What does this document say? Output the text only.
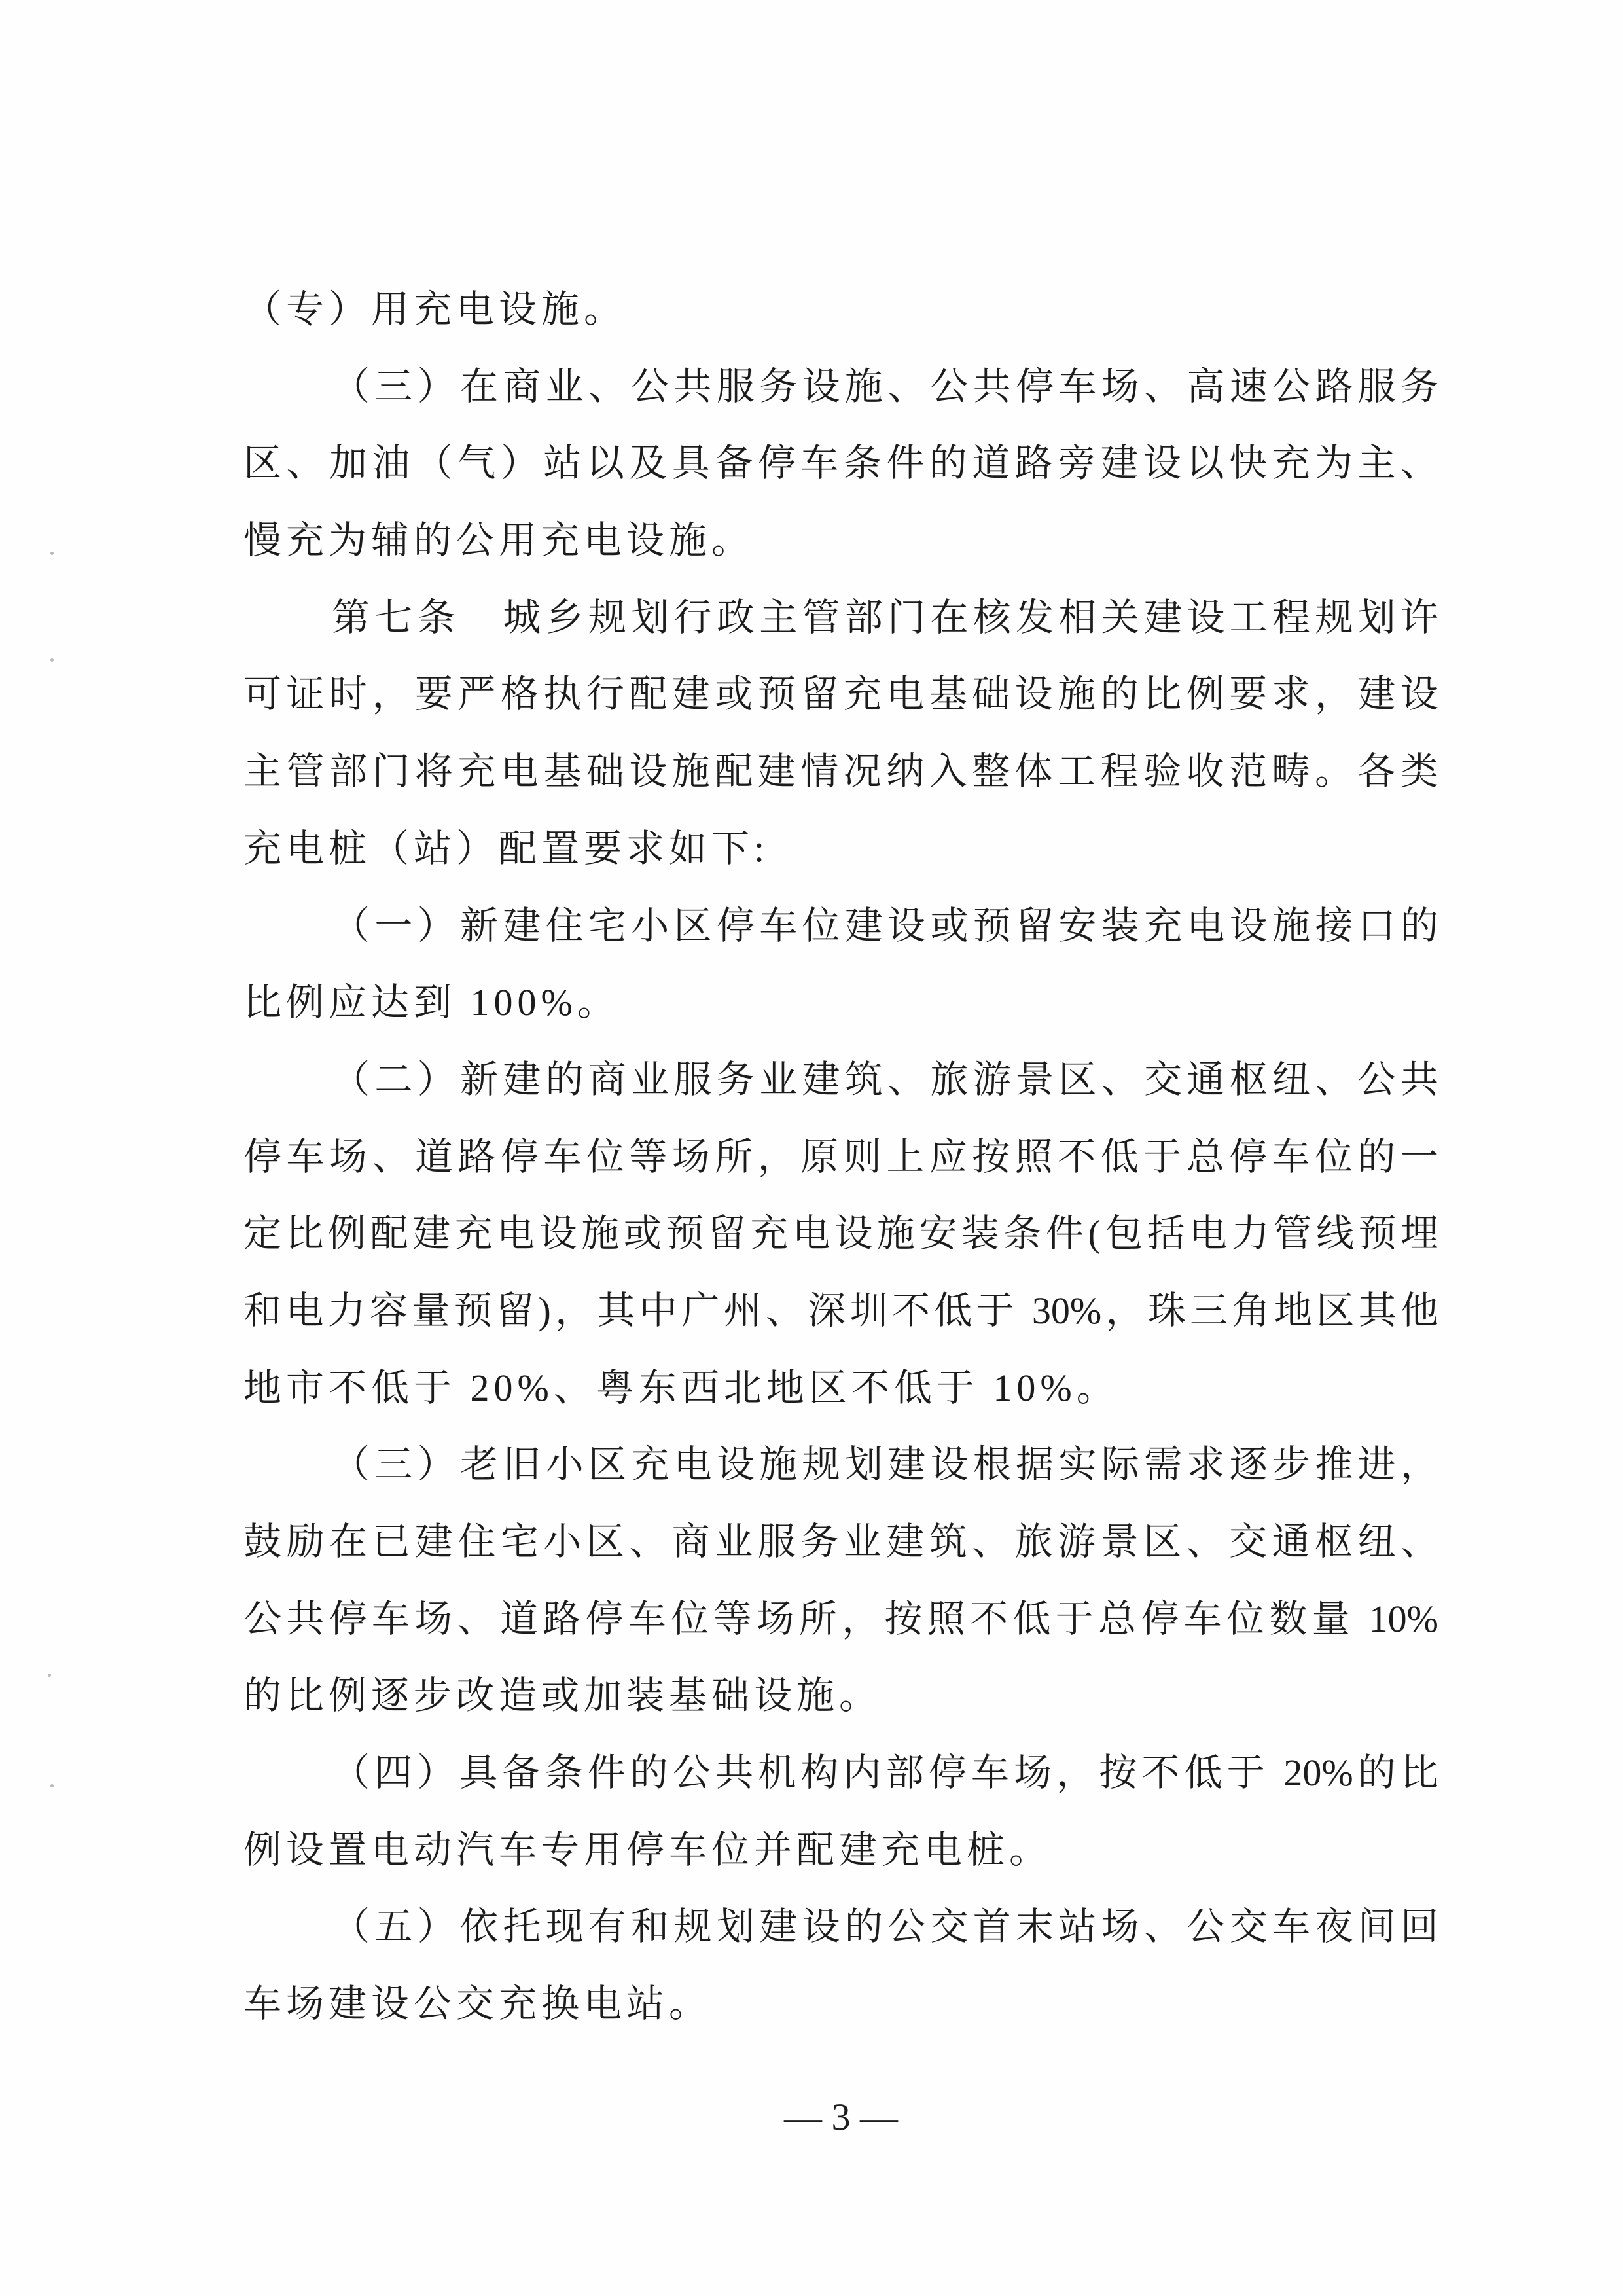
（专）用充电设施。
（三）在商业、公共服务设施、公共停车场、高速公路服务
区、加油（气）站以及具备停车条件的道路旁建设以快充为主、
慢充为辅的公用充电设施。
第七条　城乡规划行政主管部门在核发相关建设工程规划许
可证时，要严格执行配建或预留充电基础设施的比例要求，建设
主管部门将充电基础设施配建情况纳入整体工程验收范畴。各类
充电桩（站）配置要求如下:
（一）新建住宅小区停车位建设或预留安装充电设施接口的
比例应达到 100%。
（二）新建的商业服务业建筑、旅游景区、交通枢纽、公共
停车场、道路停车位等场所，原则上应按照不低于总停车位的一
定比例配建充电设施或预留充电设施安装条件(包括电力管线预埋
和电力容量预留)，其中广州、深圳不低于 30%，珠三角地区其他
地市不低于 20%、粤东西北地区不低于 10%。
（三）老旧小区充电设施规划建设根据实际需求逐步推进，
鼓励在已建住宅小区、商业服务业建筑、旅游景区、交通枢纽、
公共停车场、道路停车位等场所，按照不低于总停车位数量 10%
的比例逐步改造或加装基础设施。
（四）具备条件的公共机构内部停车场，按不低于 20%的比
例设置电动汽车专用停车位并配建充电桩。
（五）依托现有和规划建设的公交首末站场、公交车夜间回
车场建设公交充换电站。
— 3 —
